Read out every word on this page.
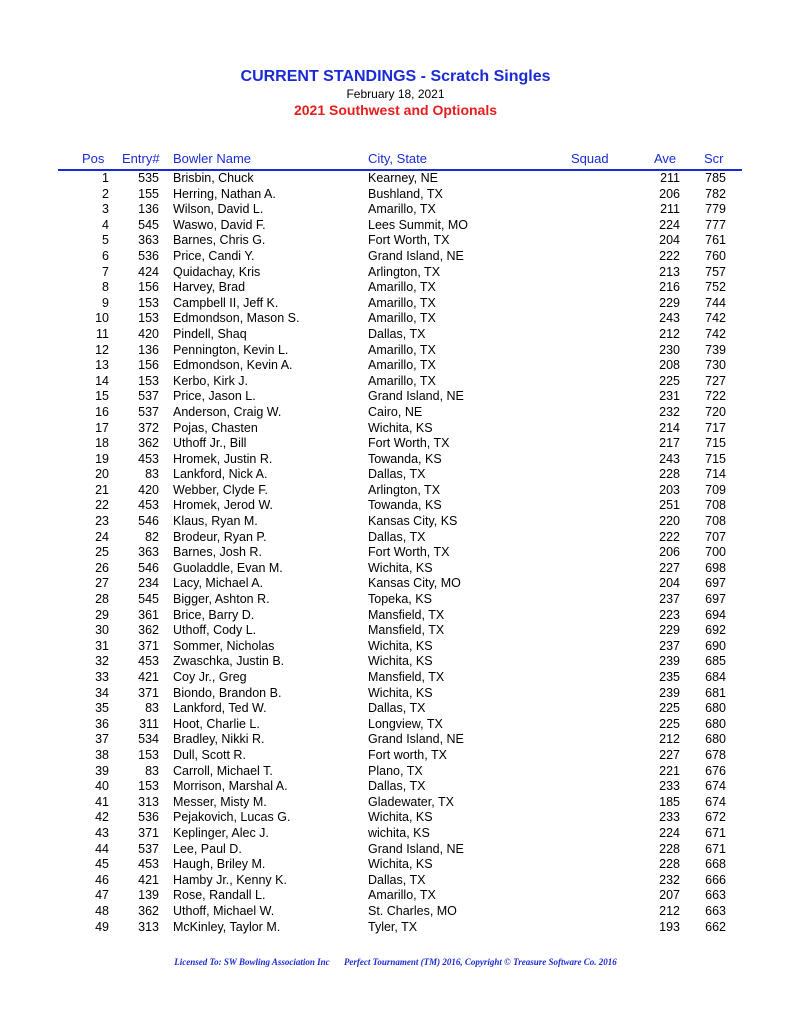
CURRENT STANDINGS - Scratch Singles
February 18, 2021
2021 Southwest and Optionals
Pos Entry# Bowler Name	City, State	Squad	Ave Scr
1 535 Brisbin, Chuck	Kearney, NE	211 785
2 155 Herring, Nathan A.	Bushland, TX	206 782
3 136 Wilson, David L.	Amarillo, TX	211 779
4 545 Waswo, David F.	Lees Summit, MO	224 777
5 363 Barnes, Chris G.	Fort Worth, TX	204 761
6 536 Price, Candi Y.	Grand Island, NE	222 760
7 424 Quidachay, Kris	Arlington, TX	213 757
8 156 Harvey, Brad	Amarillo, TX	216 752
9 153 Campbell II, Jeff K.	Amarillo, TX	229 744
10 153 Edmondson, Mason S.	Amarillo, TX	243 742
11 420 Pindell, Shaq	Dallas, TX	212 742
12 136 Pennington, Kevin L.	Amarillo, TX	230 739
13 156 Edmondson, Kevin A.	Amarillo, TX	208 730
14 153 Kerbo, Kirk J.	Amarillo, TX	225 727
15 537 Price, Jason L.	Grand Island, NE	231 722
16 537 Anderson, Craig W.	Cairo, NE	232 720
17 372 Pojas, Chasten	Wichita, KS	214 717
18 362 Uthoff Jr., Bill	Fort Worth, TX	217 715
19 453 Hromek, Justin R.	Towanda, KS	243 715
20	83 Lankford, Nick A.	Dallas, TX	228 714
21 420 Webber, Clyde F.	Arlington, TX	203 709
22 453 Hromek, Jerod W.	Towanda, KS	251 708
23 546 Klaus, Ryan M.	Kansas City, KS	220 708
24	82 Brodeur, Ryan P.	Dallas, TX	222 707
25 363 Barnes, Josh R.	Fort Worth, TX	206 700
26 546 Guoladdle, Evan M.	Wichita, KS	227 698
27 234 Lacy, Michael A.	Kansas City, MO	204 697
28 545 Bigger, Ashton R.	Topeka, KS	237 697
29 361 Brice, Barry D.	Mansfield, TX	223 694
30 362 Uthoff, Cody L.	Mansfield, TX	229 692
31 371 Sommer, Nicholas	Wichita, KS	237 690
32 453 Zwaschka, Justin B.	Wichita, KS	239 685
33 421 Coy Jr., Greg	Mansfield, TX	235 684
34 371 Biondo, Brandon B.	Wichita, KS	239 681
35	83 Lankford, Ted W.	Dallas, TX	225 680
36 311 Hoot, Charlie L.	Longview, TX	225 680
37 534 Bradley, Nikki R.	Grand Island, NE	212 680
38 153 Dull, Scott R.	Fort worth, TX	227 678
39	83 Carroll, Michael T.	Plano, TX	221 676
40 153 Morrison, Marshal A.	Dallas, TX	233 674
41 313 Messer, Misty M.	Gladewater, TX	185 674
42 536 Pejakovich, Lucas G.	Wichita, KS	233 672
43 371 Keplinger, Alec J.	wichita, KS	224 671
44 537 Lee, Paul D.	Grand Island, NE	228 671
45 453 Haugh, Briley M.	Wichita, KS	228 668
46 421 Hamby Jr., Kenny K.	Dallas, TX	232 666
47 139 Rose, Randall L.	Amarillo, TX	207 663
48 362 Uthoff, Michael W.	St. Charles, MO	212 663
49 313 McKinley, Taylor M.	Tyler, TX	193 662
Licensed To: SW Bowling Association Inc Perfect Tournament (TM) 2016, Copyright © Treasure Software Co. 2016
